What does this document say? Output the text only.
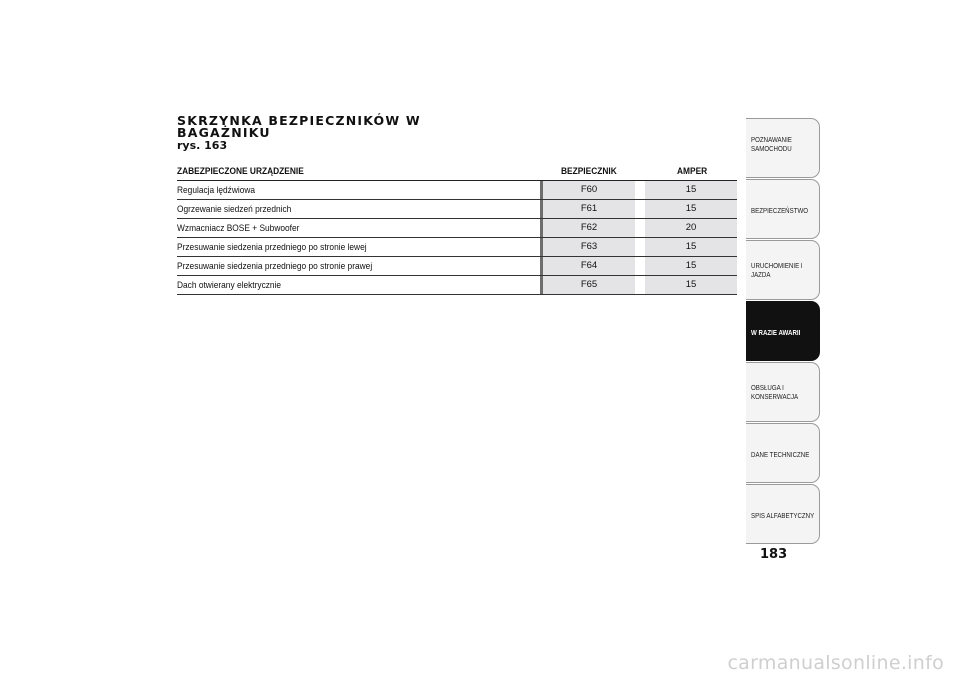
SKRZYNKA BEZPIECZNIKÓW W
BAGAŻNIKU
rys. 163
ZABEZPIECZONE URZĄDZENIE	BEZPIECZNIK	AMPER
Regulacja lędźwiowa	F60	15
Ogrzewanie siedzeń przednich	F61	15
Wzmacniacz BOSE + Subwoofer	F62	20
Przesuwanie siedzenia przedniego po stronie lewej	F63	15
Przesuwanie siedzenia przedniego po stronie prawej	F64	15
Dach otwierany elektrycznie	F65	15
POZNAWANIE
SAMOCHODU
BEZPIECZEŃSTWO
URUCHOMIENIE I
JAZDA
W RAZIE AWARII
OBSŁUGA I
KONSERWACJA
DANE TECHNICZNE
SPIS ALFABETYCZNY
183
carmanualsonline.info
